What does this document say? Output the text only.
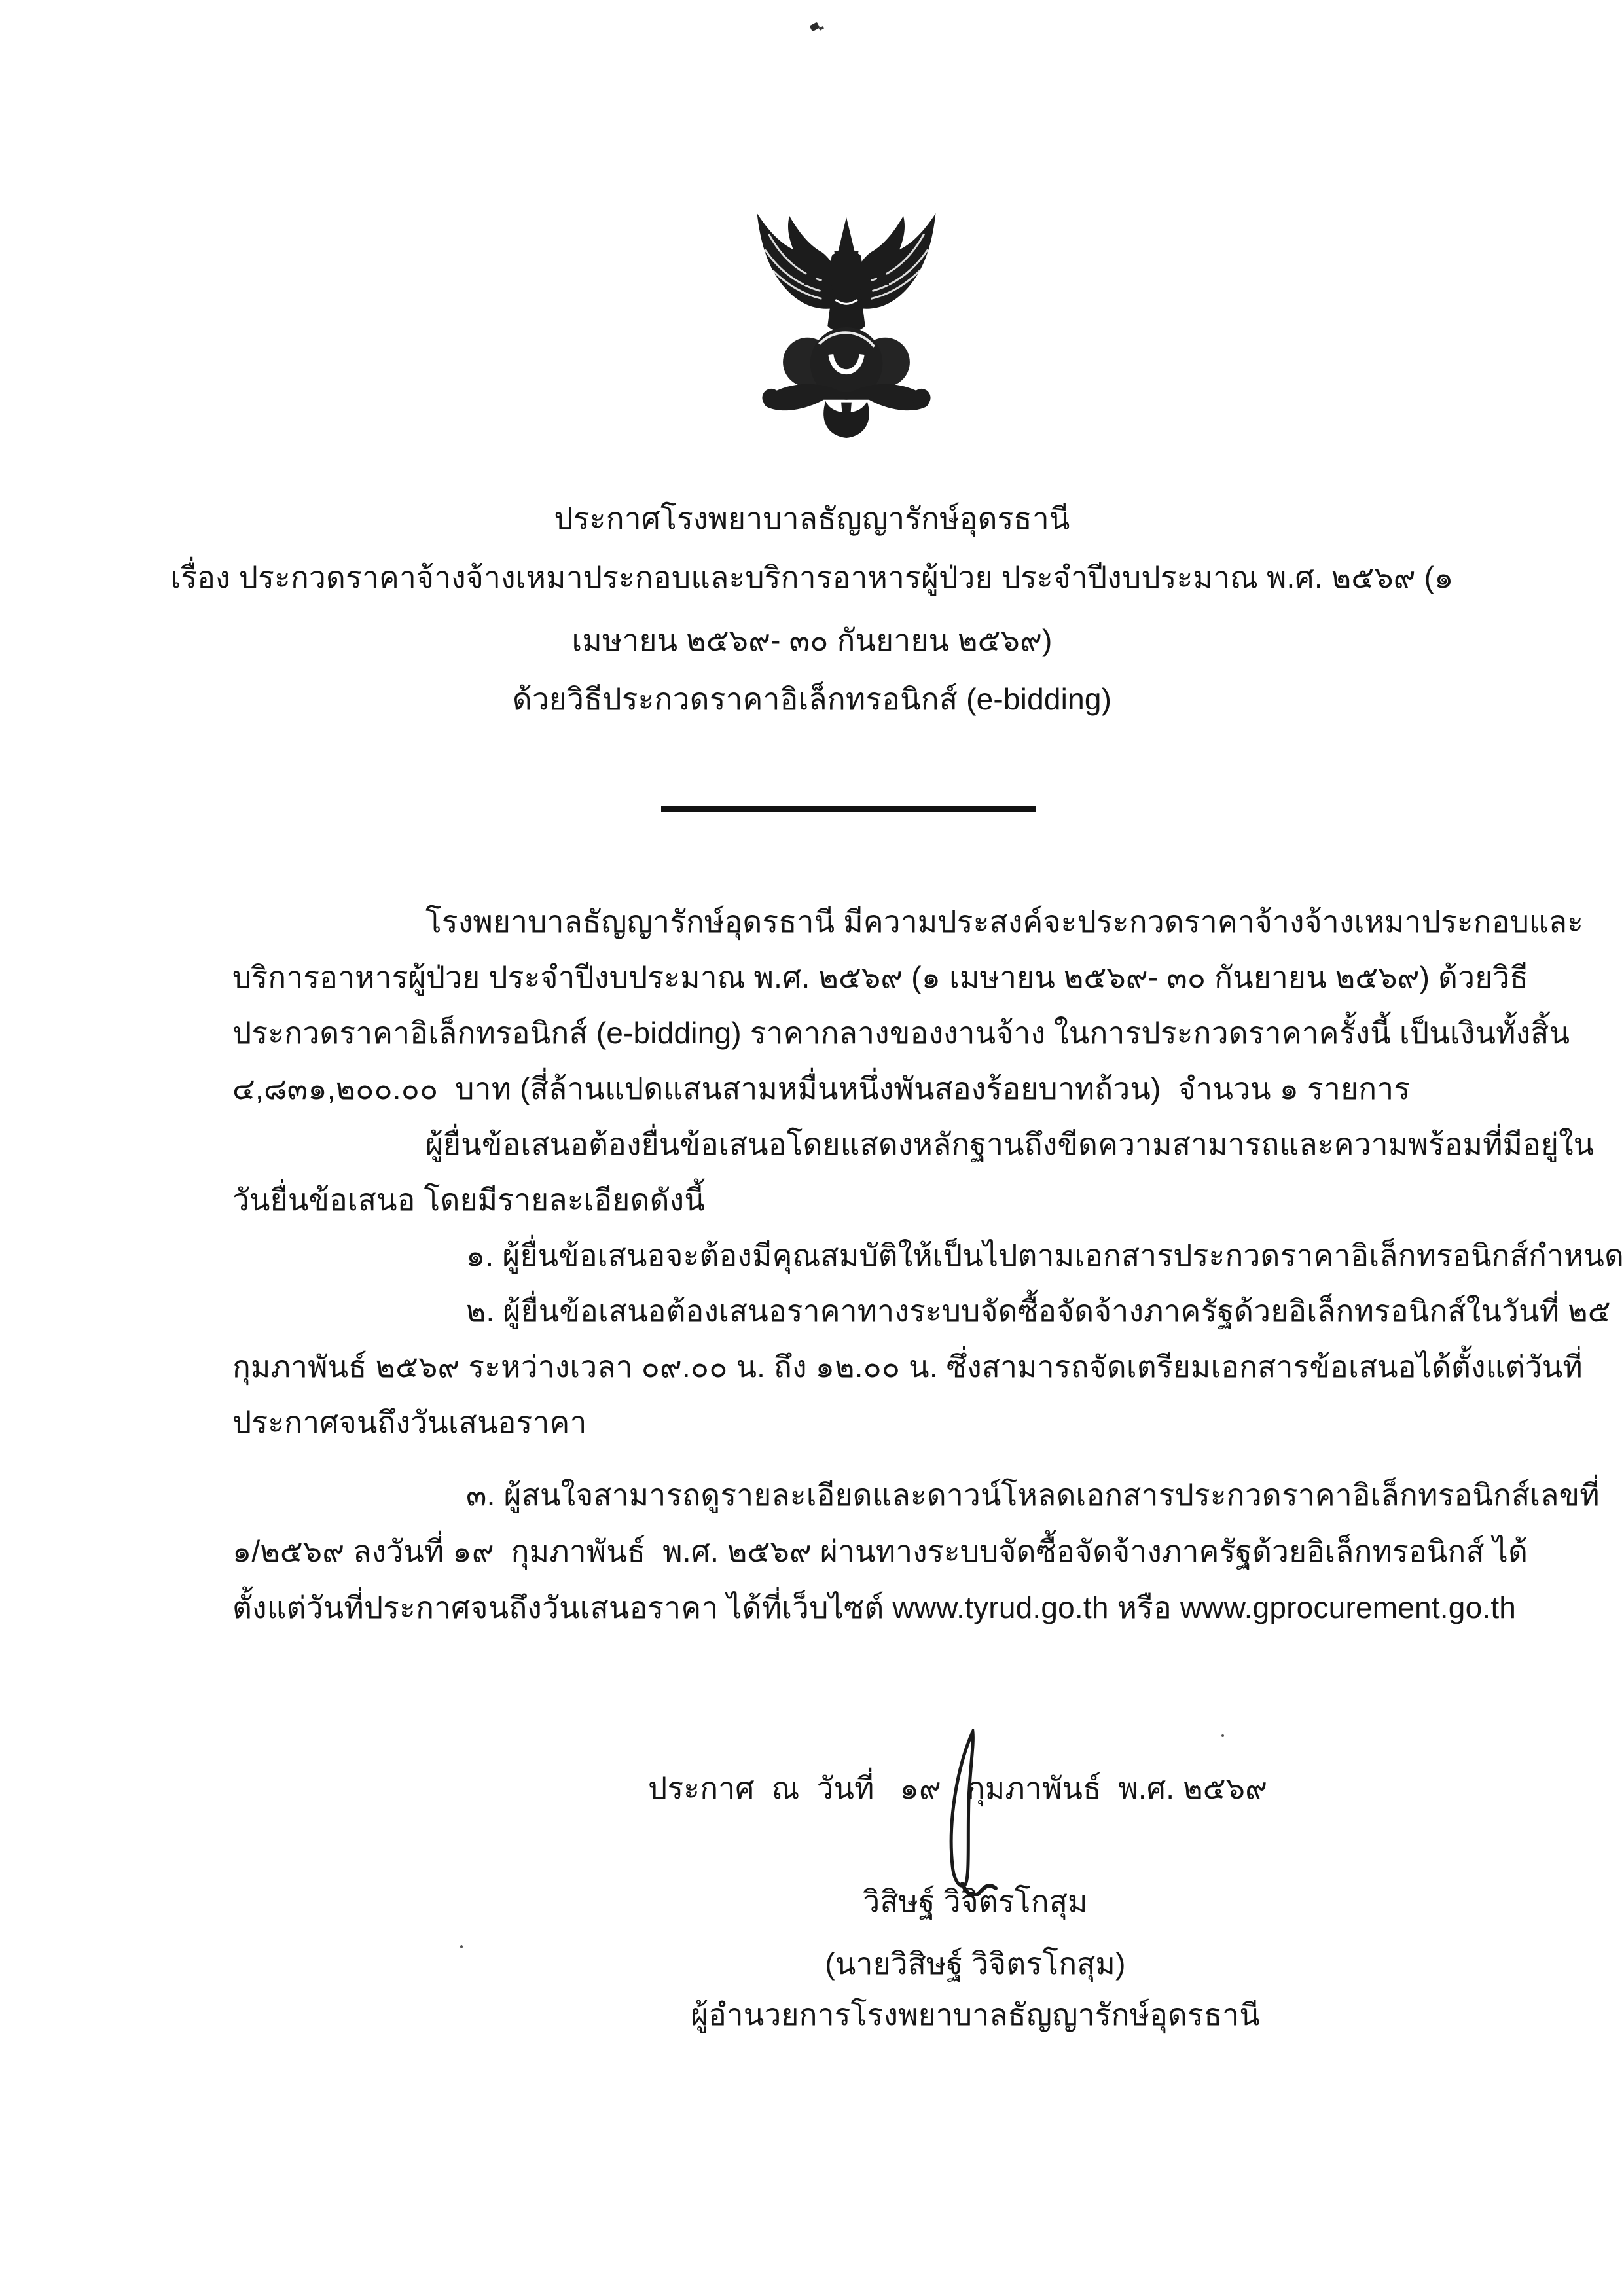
ประกาศโรงพยาบาลธัญญารักษ์อุดรธานี
เรื่อง ประกวดราคาจ้างจ้างเหมาประกอบและบริการอาหารผู้ป่วย ประจำปีงบประมาณ พ.ศ. ๒๕๖๙ (๑
เมษายน ๒๕๖๙- ๓๐ กันยายน ๒๕๖๙)
ด้วยวิธีประกวดราคาอิเล็กทรอนิกส์ (e-bidding)
โรงพยาบาลธัญญารักษ์อุดรธานี มีความประสงค์จะประกวดราคาจ้างจ้างเหมาประกอบและ
บริการอาหารผู้ป่วย ประจำปีงบประมาณ พ.ศ. ๒๕๖๙ (๑ เมษายน ๒๕๖๙- ๓๐ กันยายน ๒๕๖๙) ด้วยวิธี
ประกวดราคาอิเล็กทรอนิกส์ (e-bidding) ราคากลางของงานจ้าง ในการประกวดราคาครั้งนี้ เป็นเงินทั้งสิ้น
๔,๘๓๑,๒๐๐.๐๐  บาท (สี่ล้านแปดแสนสามหมื่นหนึ่งพันสองร้อยบาทถ้วน)  จำนวน ๑ รายการ
ผู้ยื่นข้อเสนอต้องยื่นข้อเสนอโดยแสดงหลักฐานถึงขีดความสามารถและความพร้อมที่มีอยู่ใน
วันยื่นข้อเสนอ โดยมีรายละเอียดดังนี้
๑. ผู้ยื่นข้อเสนอจะต้องมีคุณสมบัติให้เป็นไปตามเอกสารประกวดราคาอิเล็กทรอนิกส์กำหนด
๒. ผู้ยื่นข้อเสนอต้องเสนอราคาทางระบบจัดซื้อจัดจ้างภาครัฐด้วยอิเล็กทรอนิกส์ในวันที่ ๒๕
กุมภาพันธ์ ๒๕๖๙ ระหว่างเวลา ๐๙.๐๐ น. ถึง ๑๒.๐๐ น. ซึ่งสามารถจัดเตรียมเอกสารข้อเสนอได้ตั้งแต่วันที่
ประกาศจนถึงวันเสนอราคา
๓. ผู้สนใจสามารถดูรายละเอียดและดาวน์โหลดเอกสารประกวดราคาอิเล็กทรอนิกส์เลขที่
๑/๒๕๖๙ ลงวันที่ ๑๙  กุมภาพันธ์  พ.ศ. ๒๕๖๙ ผ่านทางระบบจัดซื้อจัดจ้างภาครัฐด้วยอิเล็กทรอนิกส์ ได้
ตั้งแต่วันที่ประกาศจนถึงวันเสนอราคา ได้ที่เว็บไซต์ www.tyrud.go.th หรือ www.gprocurement.go.th
ประกาศ  ณ  วันที่   ๑๙   กุมภาพันธ์  พ.ศ. ๒๕๖๙
วิสิษฐ์ วิจิตรโกสุม
(นายวิสิษฐ์ วิจิตรโกสุม)
ผู้อำนวยการโรงพยาบาลธัญญารักษ์อุดรธานี
